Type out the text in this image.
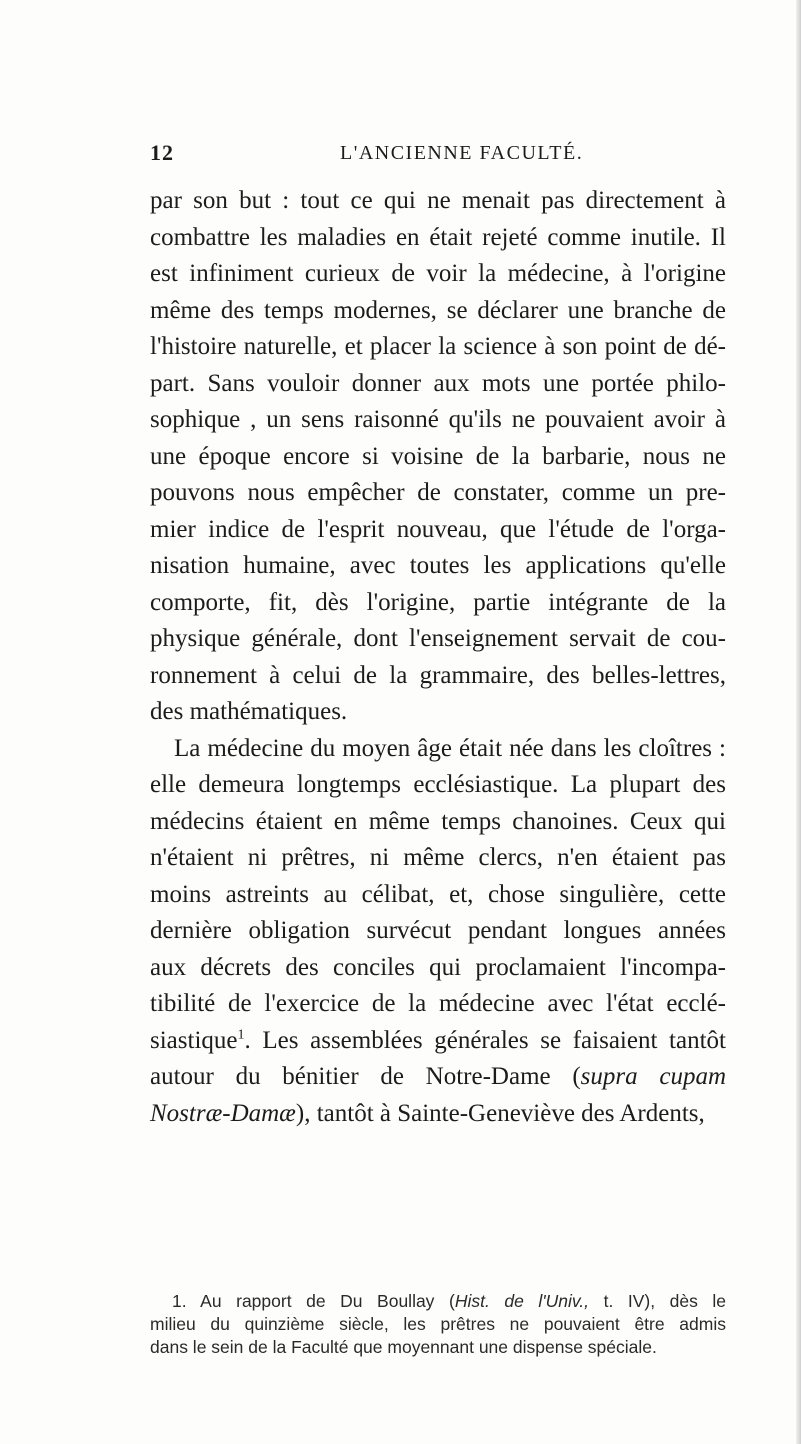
12	L'ANCIENNE FACULTÉ.
par son but : tout ce qui ne menait pas directement à
combattre les maladies en était rejeté comme inutile. Il
est infiniment curieux de voir la médecine, à l'origine
même des temps modernes, se déclarer une branche de
l'histoire naturelle, et placer la science à son point de dé-
part. Sans vouloir donner aux mots une portée philo-
sophique , un sens raisonné qu'ils ne pouvaient avoir à
une époque encore si voisine de la barbarie, nous ne
pouvons nous empêcher de constater, comme un pre-
mier indice de l'esprit nouveau, que l'étude de l'orga-
nisation humaine, avec toutes les applications qu'elle
comporte, fit, dès l'origine, partie intégrante de la
physique générale, dont l'enseignement servait de cou-
ronnement à celui de la grammaire, des belles-lettres,
des mathématiques.
La médecine du moyen âge était née dans les cloîtres :
elle demeura longtemps ecclésiastique. La plupart des
médecins étaient en même temps chanoines. Ceux qui
n'étaient ni prêtres, ni même clercs, n'en étaient pas
moins astreints au célibat, et, chose singulière, cette
dernière obligation survécut pendant longues années
aux décrets des conciles qui proclamaient l'incompa-
tibilité de l'exercice de la médecine avec l'état ecclé-
siastique$^1$. Les assemblées générales se faisaient tantôt
autour du bénitier de Notre-Dame (supra cupam
Nostræ-Damæ), tantôt à Sainte-Geneviève des Ardents,
1. Au rapport de Du Boullay (Hist. de l'Univ., t. IV), dès le
milieu du quinzième siècle, les prêtres ne pouvaient être admis
dans le sein de la Faculté que moyennant une dispense spéciale.
